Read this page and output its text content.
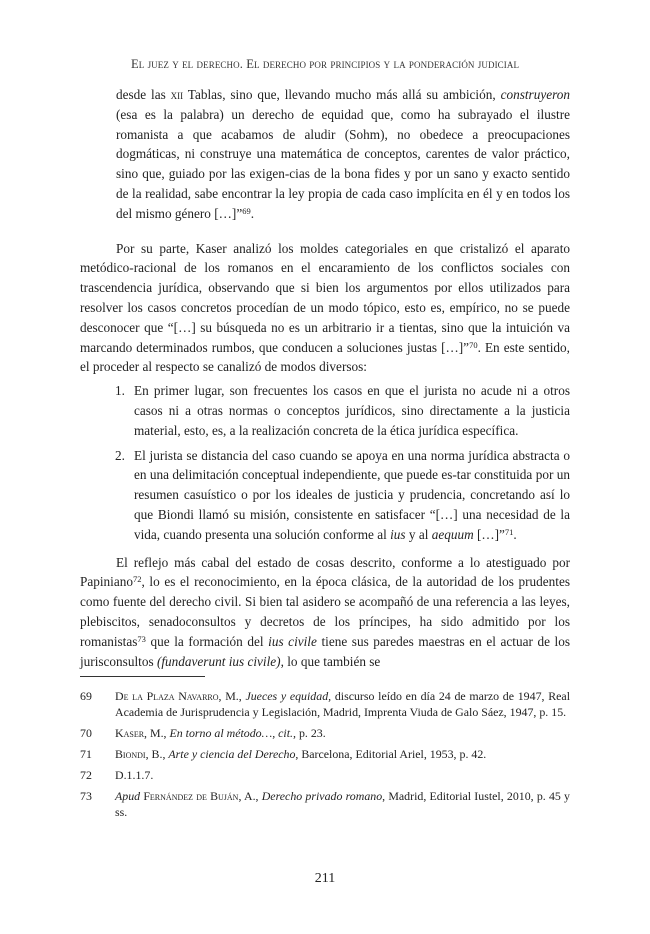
El juez y el derecho. El derecho por principios y la ponderación judicial

desde las xii Tablas, sino que, llevando mucho más allá su ambición, construyeron (esa es la palabra) un derecho de equidad que, como ha subrayado el ilustre romanista a que acabamos de aludir (Sohm), no obedece a preocupaciones dogmáticas, ni construye una matemática de conceptos, carentes de valor práctico, sino que, guiado por las exigen-cias de la bona fides y por un sano y exacto sentido de la realidad, sabe encontrar la ley propia de cada caso implícita en él y en todos los del mismo género […]”$^{69}$.

Por su parte, Kaser analizó los moldes categoriales en que cristalizó el aparato metódico-racional de los romanos en el encaramiento de los conflictos sociales con trascendencia jurídica, observando que si bien los argumentos por ellos utilizados para resolver los casos concretos procedían de un modo tópico, esto es, empírico, no se puede desconocer que “[…] su búsqueda no es un arbitrario ir a tientas, sino que la intuición va marcando determinados rumbos, que conducen a soluciones justas […]”$^{70}$. En este sentido, el proceder al respecto se canalizó de modos diversos:

1. En primer lugar, son frecuentes los casos en que el jurista no acude ni a otros casos ni a otras normas o conceptos jurídicos, sino directamente a la justicia material, esto, es, a la realización concreta de la ética jurídica específica.
2. El jurista se distancia del caso cuando se apoya en una norma jurídica abstracta o en una delimitación conceptual independiente, que puede es-tar constituida por un resumen casuístico o por los ideales de justicia y prudencia, concretando así lo que Biondi llamó su misión, consistente en satisfacer “[…] una necesidad de la vida, cuando presenta una solución conforme al ius y al aequum […]”$^{71}$.

El reflejo más cabal del estado de cosas descrito, conforme a lo atestiguado por Papiniano$^{72}$, lo es el reconocimiento, en la época clásica, de la autoridad de los prudentes como fuente del derecho civil. Si bien tal asidero se acompañó de una referencia a las leyes, plebiscitos, senadoconsultos y decretos de los príncipes, ha sido admitido por los romanistas$^{73}$ que la formación del ius civile tiene sus paredes maestras en el actuar de los jurisconsultos (fundaverunt ius civile), lo que también se

69	De la Plaza Navarro, M., Jueces y equidad, discurso leído en día 24 de marzo de 1947, Real Academia de Jurisprudencia y Legislación, Madrid, Imprenta Viuda de Galo Sáez, 1947, p. 15.
70	Kaser, M., En torno al método…, cit., p. 23.
71	Biondi, B., Arte y ciencia del Derecho, Barcelona, Editorial Ariel, 1953, p. 42.
72	D.1.1.7.
73	Apud Fernández de Buján, A., Derecho privado romano, Madrid, Editorial Iustel, 2010, p. 45 y ss.
211
